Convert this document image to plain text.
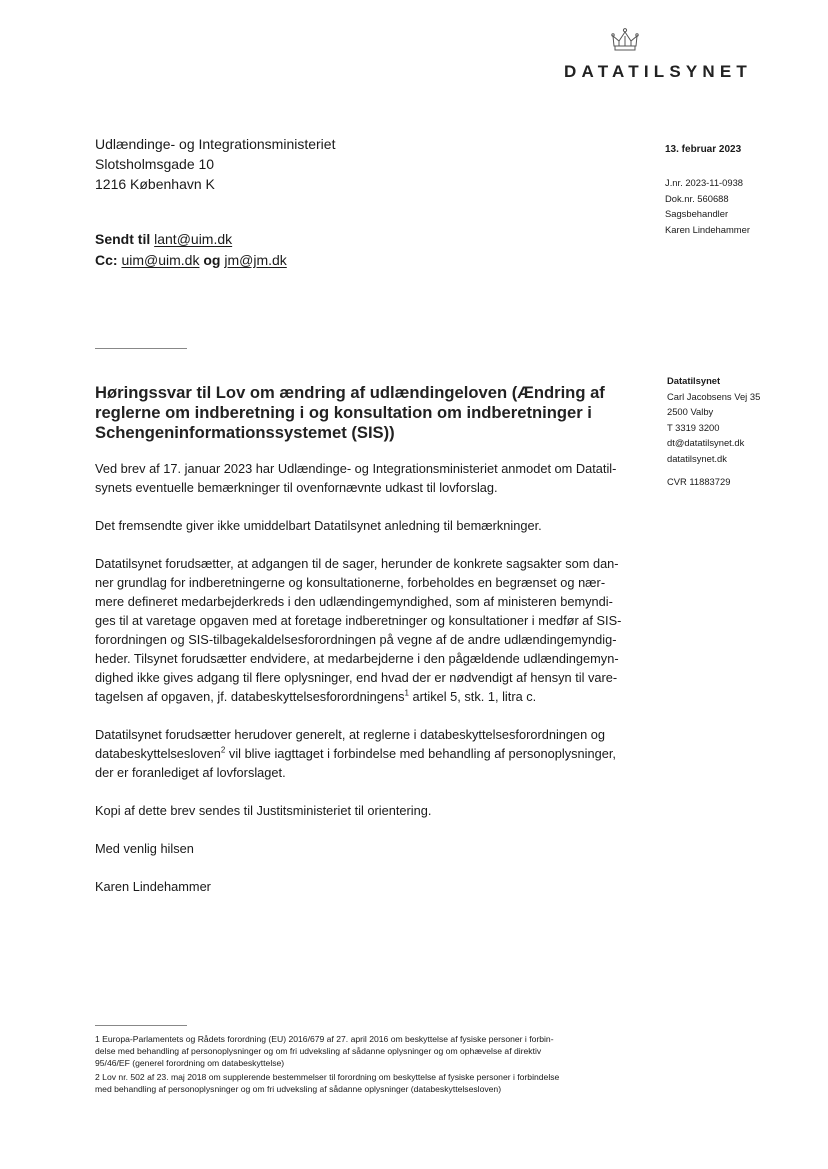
DATATILSYNET
Udlændinge- og Integrationsministeriet
Slotsholmsgade 10
1216 København K
Sendt til lant@uim.dk
Cc: uim@uim.dk og jm@jm.dk
13. februar 2023
J.nr. 2023-11-0938
Dok.nr. 560688
Sagsbehandler
Karen Lindehammer
Datatilsynet
Carl Jacobsens Vej 35
2500 Valby
T 3319 3200
dt@datatilsynet.dk
datatilsynet.dk
CVR 11883729
Høringssvar til Lov om ændring af udlændingeloven (Ændring af
reglerne om indberetning i og konsultation om indberetninger i
Schengeninformationssystemet (SIS))

Ved brev af 17. januar 2023 har Udlændinge- og Integrationsministeriet anmodet om Datatil-
synets eventuelle bemærkninger til ovenfornævnte udkast til lovforslag.

Det fremsendte giver ikke umiddelbart Datatilsynet anledning til bemærkninger.

Datatilsynet forudsætter, at adgangen til de sager, herunder de konkrete sagsakter som dan-
ner grundlag for indberetningerne og konsultationerne, forbeholdes en begrænset og nær-
mere defineret medarbejderkreds i den udlændingemyndighed, som af ministeren bemyndi-
ges til at varetage opgaven med at foretage indberetninger og konsultationer i medfør af SIS-
forordningen og SIS-tilbagekaldelsesforordningen på vegne af de andre udlændingemyndig-
heder. Tilsynet forudsætter endvidere, at medarbejderne i den pågældende udlændingemyn-
dighed ikke gives adgang til flere oplysninger, end hvad der er nødvendigt af hensyn til vare-
tagelsen af opgaven, jf. databeskyttelsesforordningens$^1$ artikel 5, stk. 1, litra c.

Datatilsynet forudsætter herudover generelt, at reglerne i databeskyttelsesforordningen og
databeskyttelsesloven$^2$ vil blive iagttaget i forbindelse med behandling af personoplysninger,
der er foranlediget af lovforslaget.

Kopi af dette brev sendes til Justitsministeriet til orientering.

Med venlig hilsen

Karen Lindehammer

1 Europa-Parlamentets og Rådets forordning (EU) 2016/679 af 27. april 2016 om beskyttelse af fysiske personer i forbin-
delse med behandling af personoplysninger og om fri udveksling af sådanne oplysninger og om ophævelse af direktiv
95/46/EF (generel forordning om databeskyttelse)
2 Lov nr. 502 af 23. maj 2018 om supplerende bestemmelser til forordning om beskyttelse af fysiske personer i forbindelse
med behandling af personoplysninger og om fri udveksling af sådanne oplysninger (databeskyttelsesloven)
